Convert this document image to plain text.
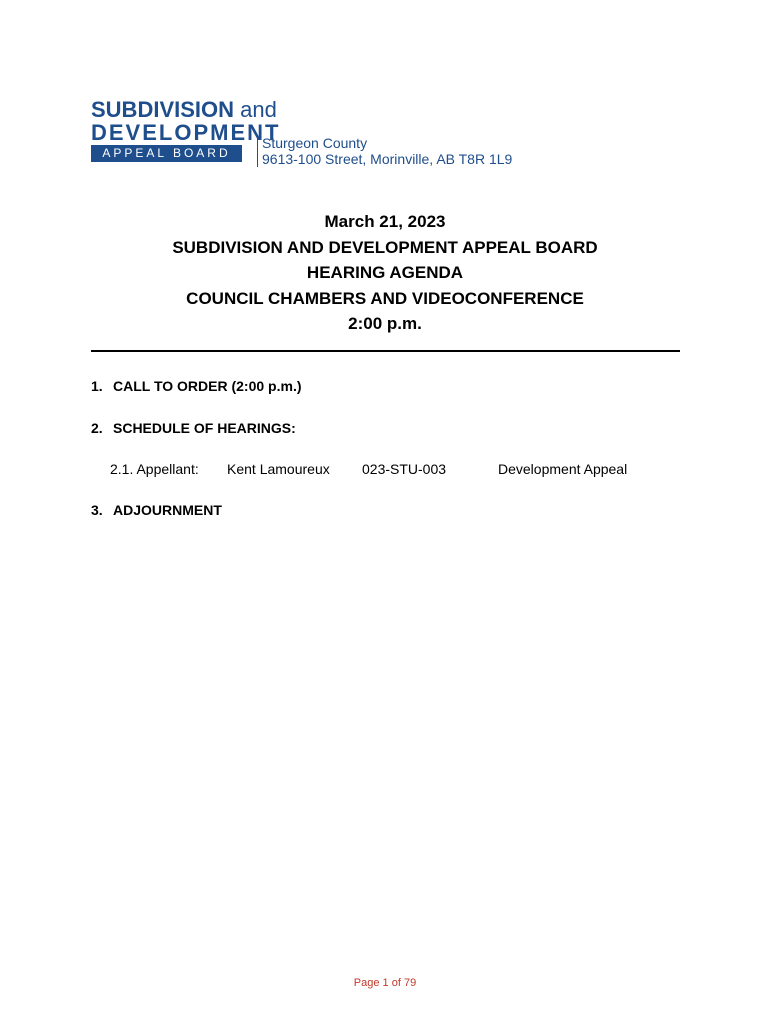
SUBDIVISION and
DEVELOPMENT
APPEAL BOARD
Sturgeon County
9613-100 Street, Morinville, AB T8R 1L9
March 21, 2023
SUBDIVISION AND DEVELOPMENT APPEAL BOARD
HEARING AGENDA
COUNCIL CHAMBERS AND VIDEOCONFERENCE
2:00 p.m.
1. CALL TO ORDER (2:00 p.m.)
2. SCHEDULE OF HEARINGS:
2.1. Appellant: Kent Lamoureux 023-STU-003	Development Appeal
3. ADJOURNMENT
Page 1 of 79
